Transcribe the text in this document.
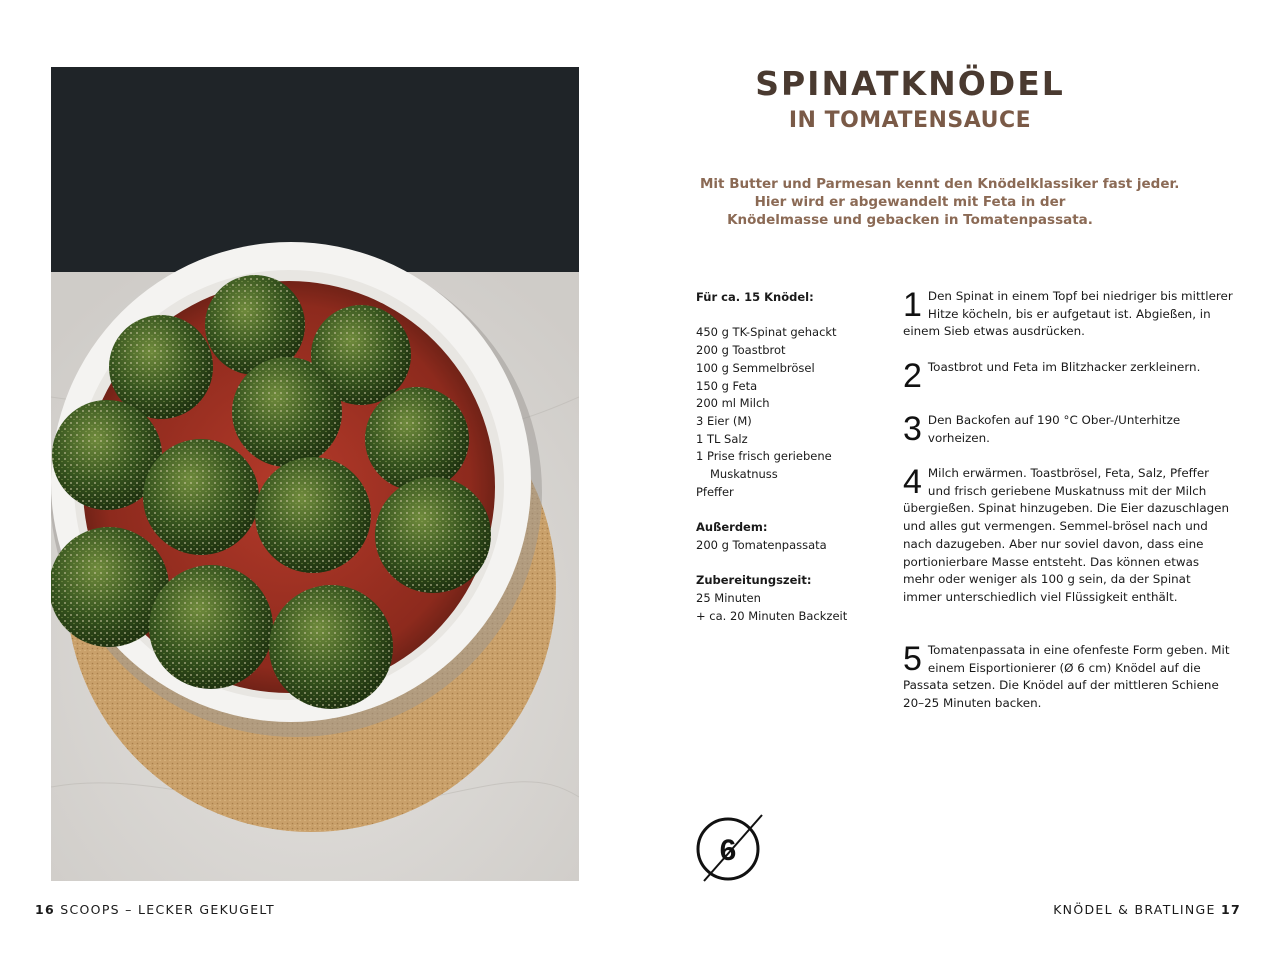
SPINATKNÖDEL
IN TOMATENSAUCE
Mit Butter und Parmesan kennt den Knödelklassiker fast jeder.
Hier wird er abgewandelt mit Feta in der
Knödelmasse und gebacken in Tomatenpassata.
Für ca. 15 Knödel:
450 g TK-Spinat gehackt
200 g Toastbrot
100 g Semmelbrösel
150 g Feta
200 ml Milch
3 Eier (M)
1 TL Salz
1 Prise frisch geriebene
Muskatnuss
Pfeffer
Außerdem:
200 g Tomatenpassata
Zubereitungszeit:
25 Minuten
+ ca. 20 Minuten Backzeit
1 Den Spinat in einem Topf bei niedriger bis mittlerer Hitze köcheln, bis er aufgetaut ist. Abgießen, in einem Sieb etwas ausdrücken.
2 Toastbrot und Feta im Blitzhacker zerkleinern.
3 Den Backofen auf 190 °C Ober-/Unterhitze vorheizen.
4 Milch erwärmen. Toastbrösel, Feta, Salz, Pfeffer und frisch geriebene Muskatnuss mit der Milch übergießen. Spinat hinzugeben. Die Eier dazuschlagen und alles gut vermengen. Semmel-brösel nach und nach dazugeben. Aber nur soviel davon, dass eine portionierbare Masse entsteht. Das können etwas mehr oder weniger als 100 g sein, da der Spinat immer unterschiedlich viel Flüssigkeit enthält.
5 Tomatenpassata in eine ofenfeste Form geben. Mit einem Eisportionierer (Ø 6 cm) Knödel auf die Passata setzen. Die Knödel auf der mittleren Schiene 20–25 Minuten backen.
6
16 SCOOPS – LECKER GEKUGELT	KNÖDEL & BRATLINGE 17
